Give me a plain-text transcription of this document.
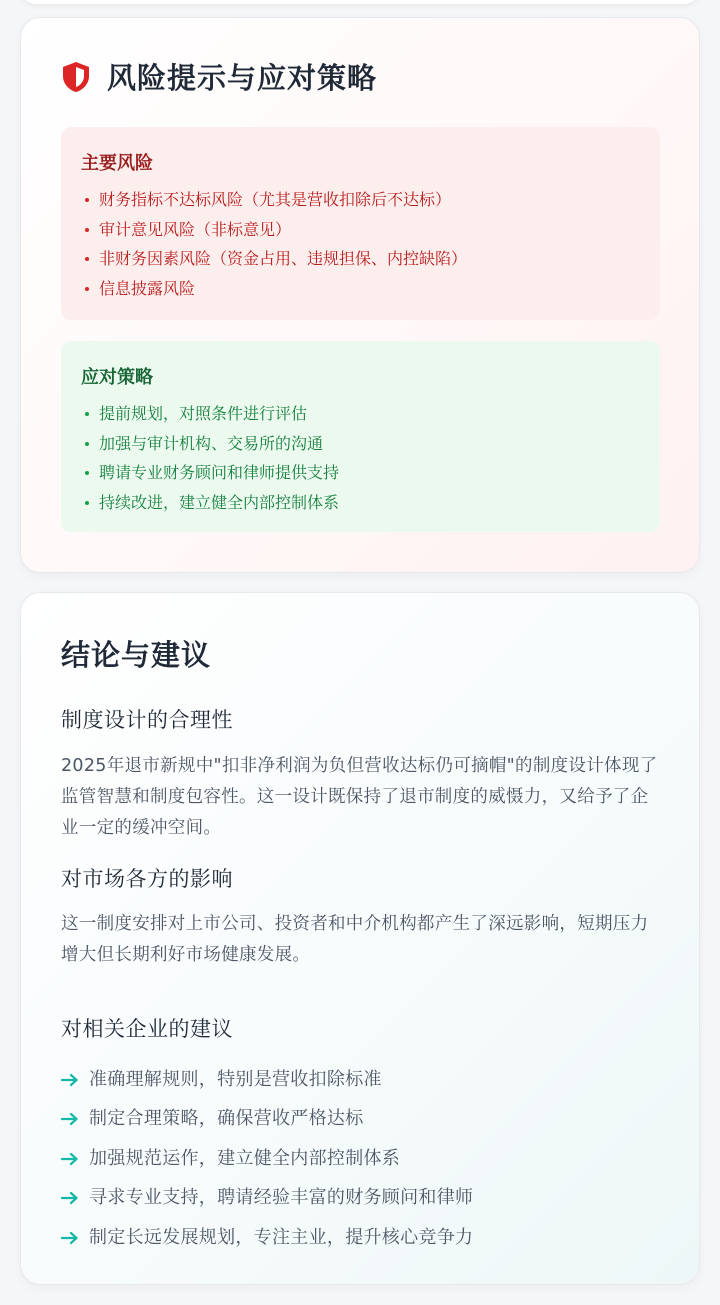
风险提示与应对策略
主要风险
财务指标不达标风险（尤其是营收扣除后不达标）
审计意见风险（非标意见）
非财务因素风险（资金占用、违规担保、内控缺陷）
信息披露风险
应对策略
提前规划，对照条件进行评估
加强与审计机构、交易所的沟通
聘请专业财务顾问和律师提供支持
持续改进，建立健全内部控制体系
结论与建议
制度设计的合理性

2025年退市新规中"扣非净利润为负但营收达标仍可摘帽"的制度设计体现了监管智慧和制度包容性。这一设计既保持了退市制度的威慑力，又给予了企业一定的缓冲空间。

对市场各方的影响

这一制度安排对上市公司、投资者和中介机构都产生了深远影响，短期压力增大但长期利好市场健康发展。

对相关企业的建议
准确理解规则，特别是营收扣除标准
制定合理策略，确保营收严格达标
加强规范运作，建立健全内部控制体系
寻求专业支持，聘请经验丰富的财务顾问和律师
制定长远发展规划，专注主业，提升核心竞争力
